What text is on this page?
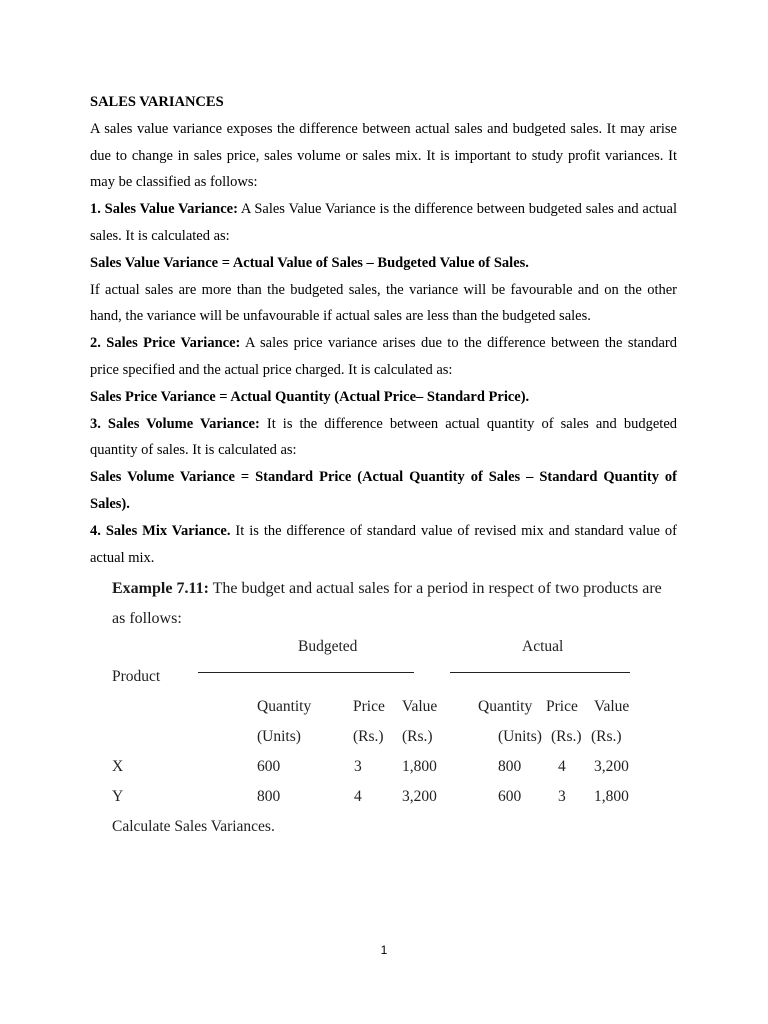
SALES VARIANCES

A sales value variance exposes the difference between actual sales and budgeted sales. It may arise due to change in sales price, sales volume or sales mix. It is important to study profit variances. It may be classified as follows:

1. Sales Value Variance: A Sales Value Variance is the difference between budgeted sales and actual sales. It is calculated as:

Sales Value Variance = Actual Value of Sales – Budgeted Value of Sales.

If actual sales are more than the budgeted sales, the variance will be favourable and on the other hand, the variance will be unfavourable if actual sales are less than the budgeted sales.

2. Sales Price Variance: A sales price variance arises due to the difference between the standard price specified and the actual price charged. It is calculated as:

Sales Price Variance = Actual Quantity (Actual Price– Standard Price).

3. Sales Volume Variance: It is the difference between actual quantity of sales and budgeted quantity of sales. It is calculated as:

Sales Volume Variance = Standard Price (Actual Quantity of Sales – Standard Quantity of Sales).

4. Sales Mix Variance. It is the difference of standard value of revised mix and standard value of actual mix.

Example 7.11: The budget and actual sales for a period in respect of two products are
as follows:
Budgeted	Actual
Product
Quantity	Price Value	Quantity Price Value
(Units)	(Rs.) (Rs.)	(Units) (Rs.) (Rs.)
X	600	3	1,800	800 4 3,200
Y	800	4	3,200	600 3 1,800
Calculate Sales Variances.
1
